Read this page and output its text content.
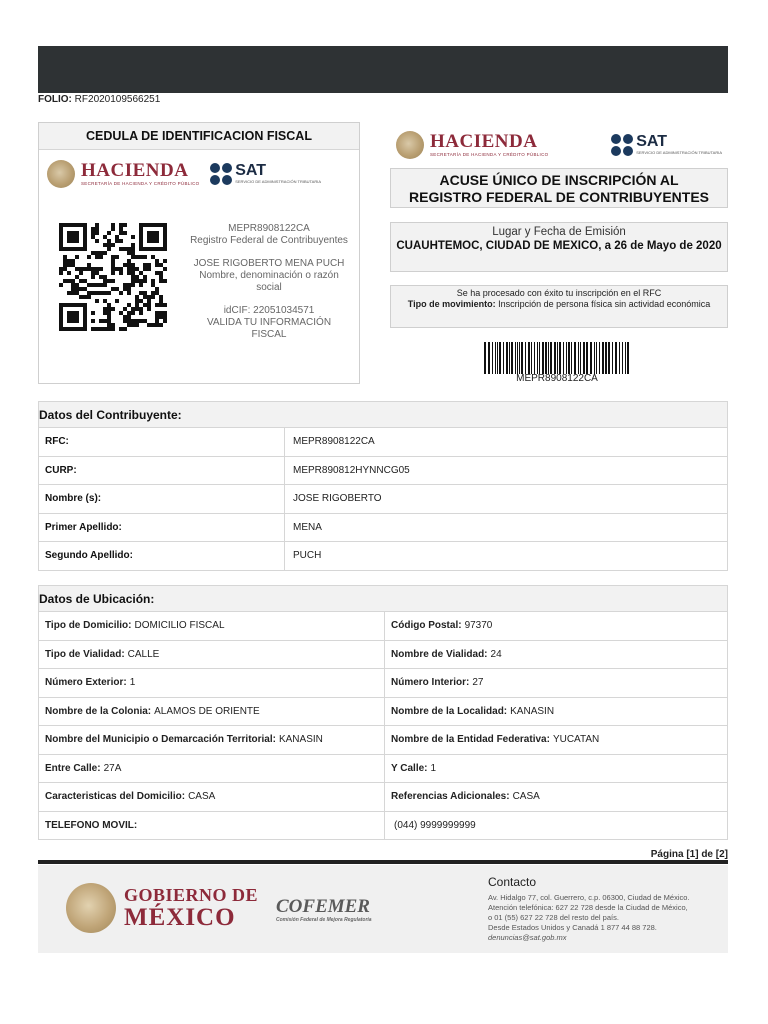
FOLIO: RF2020109566251
CEDULA DE IDENTIFICACION FISCAL
HACIENDA
SECRETARÍA DE HACIENDA Y CRÉDITO PÚBLICO
SAT
SERVICIO DE ADMINISTRACIÓN TRIBUTARIA
MEPR8908122CA
Registro Federal de Contribuyentes
JOSE RIGOBERTO MENA PUCH
Nombre, denominación o razón social
idCIF: 22051034571
VALIDA TU INFORMACIÓN FISCAL
HACIENDA
SECRETARÍA DE HACIENDA Y CRÉDITO PÚBLICO
SAT
SERVICIO DE ADMINISTRACIÓN TRIBUTARIA
ACUSE ÚNICO DE INSCRIPCIÓN AL
REGISTRO FEDERAL DE CONTRIBUYENTES
Lugar y Fecha de Emisión
CUAUHTEMOC, CIUDAD DE MEXICO, a 26 de Mayo de 2020
Se ha procesado con éxito tu inscripción en el RFC
Tipo de movimiento: Inscripción de persona física sin actividad económica
MEPR8908122CA
Datos del Contribuyente:
RFC:	MEPR8908122CA
CURP:	MEPR890812HYNNCG05
Nombre (s):	JOSE RIGOBERTO
Primer Apellido:	MENA
Segundo Apellido:	PUCH
Datos de Ubicación:
Tipo de Domicilio: DOMICILIO FISCAL	Código Postal: 97370
Tipo de Vialidad: CALLE	Nombre de Vialidad: 24
Número Exterior: 1	Número Interior: 27
Nombre de la Colonia: ALAMOS DE ORIENTE	Nombre de la Localidad: KANASIN
Nombre del Municipio o Demarcación Territorial: KANASIN	Nombre de la Entidad Federativa: YUCATAN
Entre Calle: 27A	Y Calle: 1
Caracteristicas del Domicilio: CASA	Referencias Adicionales: CASA
TELEFONO MOVIL:	(044) 9999999999
Página [1] de [2]
GOBIERNO DE
MÉXICO	COFEMER
Comisión Federal de Mejora Regulatoria
Contacto
Av. Hidalgo 77, col. Guerrero, c.p. 06300, Ciudad de México.
Atención telefónica: 627 22 728 desde la Ciudad de México,
o 01 (55) 627 22 728 del resto del país.
Desde Estados Unidos y Canadá 1 877 44 88 728.
denuncias@sat.gob.mx
